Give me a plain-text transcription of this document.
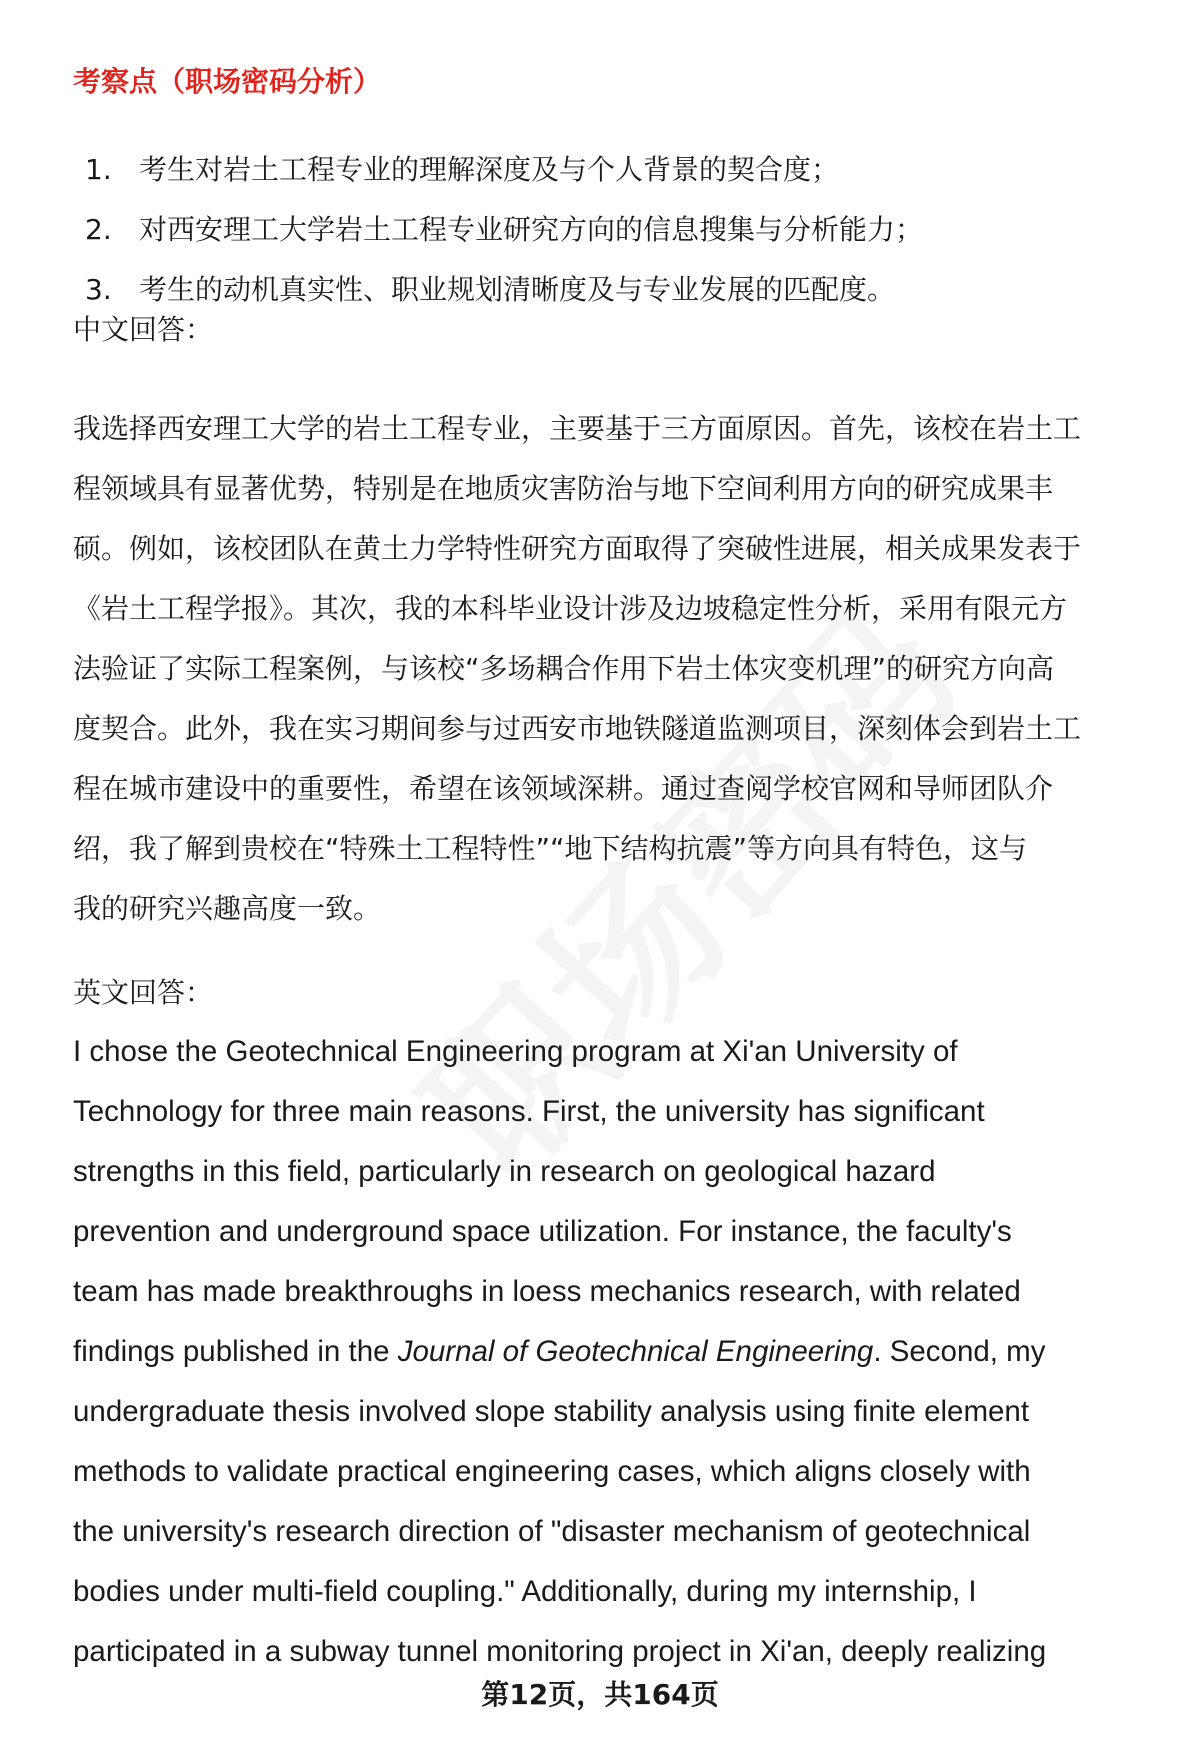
考察点（职场密码分析）
1. 考生对岩土工程专业的理解深度及与个人背景的契合度；
2. 对西安理工大学岩土工程专业研究方向的信息搜集与分析能力；
3. 考生的动机真实性、职业规划清晰度及与专业发展的匹配度。
中文回答：
我选择西安理工大学的岩土工程专业，主要基于三方面原因。首先，该校在岩土工
程领域具有显著优势，特别是在地质灾害防治与地下空间利用方向的研究成果丰
硕。例如，该校团队在黄土力学特性研究方面取得了突破性进展，相关成果发表于
《岩土工程学报》。其次，我的本科毕业设计涉及边坡稳定性分析，采用有限元方
法验证了实际工程案例，与该校“多场耦合作用下岩土体灾变机理”的研究方向高
度契合。此外，我在实习期间参与过西安市地铁隧道监测项目，深刻体会到岩土工
程在城市建设中的重要性，希望在该领域深耕。通过查阅学校官网和导师团队介
绍，我了解到贵校在“特殊土工程特性”“地下结构抗震”等方向具有特色，这与
我的研究兴趣高度一致。
英文回答：
I chose the Geotechnical Engineering program at Xi'an University of
Technology for three main reasons. First, the university has significant
strengths in this field, particularly in research on geological hazard
prevention and underground space utilization. For instance, the faculty's
team has made breakthroughs in loess mechanics research, with related
findings published in the Journal of Geotechnical Engineering. Second, my
undergraduate thesis involved slope stability analysis using finite element
methods to validate practical engineering cases, which aligns closely with
the university's research direction of "disaster mechanism of geotechnical
bodies under multi-field coupling." Additionally, during my internship, I
participated in a subway tunnel monitoring project in Xi'an, deeply realizing
第12页，共164页
